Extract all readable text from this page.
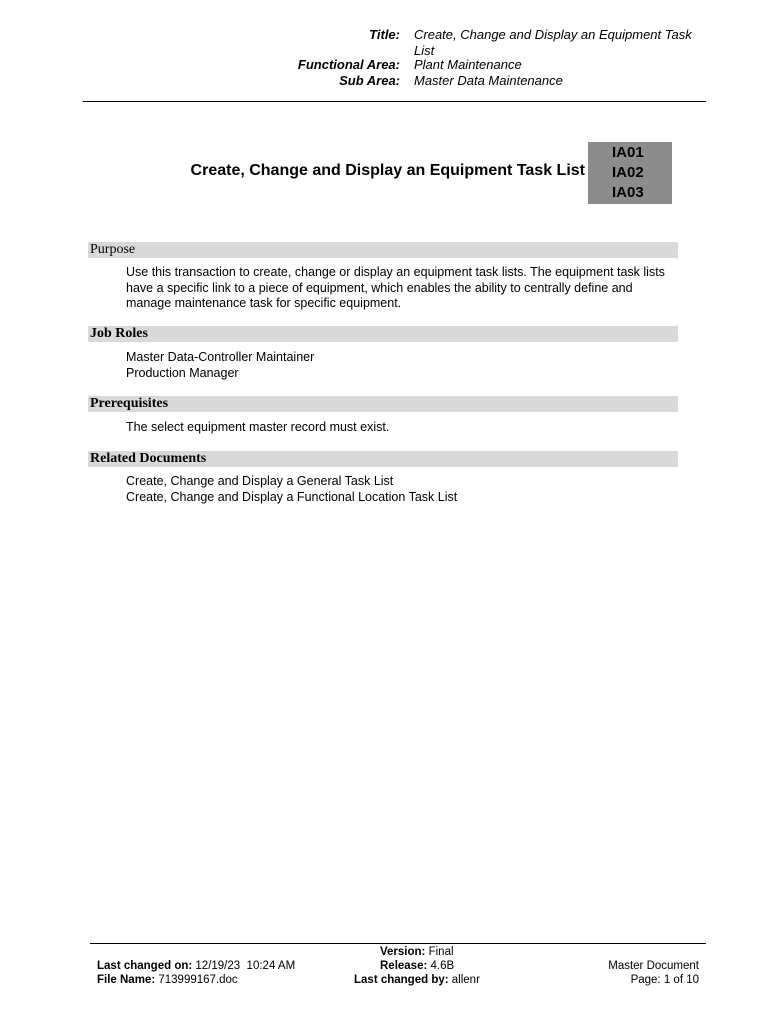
Title: Create, Change and Display an Equipment Task
List
Functional Area: Plant Maintenance
Sub Area: Master Data Maintenance
Create, Change and Display an Equipment Task List
IA01
IA02
IA03
Purpose
Use this transaction to create, change or display an equipment task lists. The equipment task lists
have a specific link to a piece of equipment, which enables the ability to centrally define and
manage maintenance task for specific equipment.
Job Roles
Master Data-Controller Maintainer
Production Manager
Prerequisites
The select equipment master record must exist.
Related Documents
Create, Change and Display a General Task List
Create, Change and Display a Functional Location Task List
Last changed on: 12/19/23  10:24 AM
File Name: 713999167.doc
Version: Final
Release: 4.6B
Last changed by: allenr
Master Document
Page: 1 of 10
